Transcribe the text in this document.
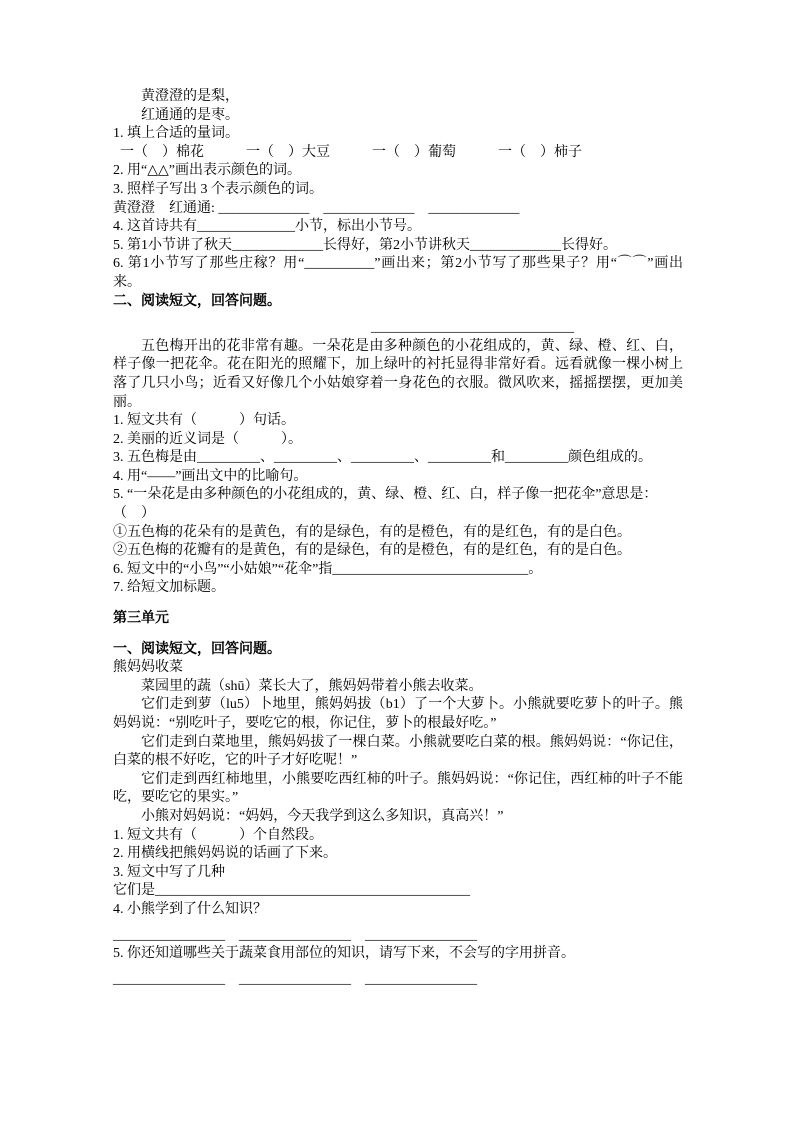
黄澄澄的是梨，

红通通的是枣。

1. 填上合适的量词。

一（　）棉花　　　一（　）大豆　　　一（　）葡萄　　　一（　）柿子

2. 用“△△”画出表示颜色的词。

3. 照样子写出 3 个表示颜色的词。

黄澄澄　红通通: _____________　_____________　_____________

4. 这首诗共有______________小节，标出小节号。

5. 第1小节讲了秋天_____________长得好，第2小节讲秋天_____________长得好。

6. 第1小节写了那些庄稼？用“__________”画出来；第2小节写了那些果子？用“⌒⌒”画出来。

二、阅读短文，回答问题。

_____________________________

五色梅开出的花非常有趣。一朵花是由多种颜色的小花组成的，黄、绿、橙、红、白，样子像一把花伞。花在阳光的照耀下，加上绿叶的衬托显得非常好看。远看就像一棵小树上落了几只小鸟；近看又好像几个小姑娘穿着一身花色的衣服。微风吹来，摇摇摆摆，更加美丽。

1. 短文共有（　　　）句话。

2. 美丽的近义词是（　　　）。

3. 五色梅是由_________、_________、_________、_________和_________颜色组成的。

4. 用“——”画出文中的比喻句。

5. “一朵花是由多种颜色的小花组成的，黄、绿、橙、红、白，样子像一把花伞”意思是：

（　）

①五色梅的花朵有的是黄色，有的是绿色，有的是橙色，有的是红色，有的是白色。

②五色梅的花瓣有的是黄色，有的是绿色，有的是橙色，有的是红色，有的是白色。

6. 短文中的“小鸟”“小姑娘”“花伞”指____________________________。

7. 给短文加标题。

第三单元

一、阅读短文，回答问题。

熊妈妈收菜

菜园里的蔬（shū）菜长大了，熊妈妈带着小熊去收菜。

它们走到萝（lu5）卜地里，熊妈妈拔（b1）了一个大萝卜。小熊就要吃萝卜的叶子。熊妈妈说：“别吃叶子，要吃它的根，你记住，萝卜的根最好吃。”

它们走到白菜地里，熊妈妈拔了一棵白菜。小熊就要吃白菜的根。熊妈妈说：“你记住，白菜的根不好吃，它的叶子才好吃呢！”

它们走到西红柿地里，小熊要吃西红柿的叶子。熊妈妈说：“你记住，西红柿的叶子不能吃，要吃它的果实。”

小熊对妈妈说：“妈妈，今天我学到这么多知识，真高兴！”

1. 短文共有（　　　）个自然段。

2. 用横线把熊妈妈说的话画了下来。

3. 短文中写了几种

它们是_____________________________________________

4. 小熊学到了什么知识？

________________　________________　________________

5. 你还知道哪些关于蔬菜食用部位的知识，请写下来，不会写的字用拼音。

________________　________________　________________
